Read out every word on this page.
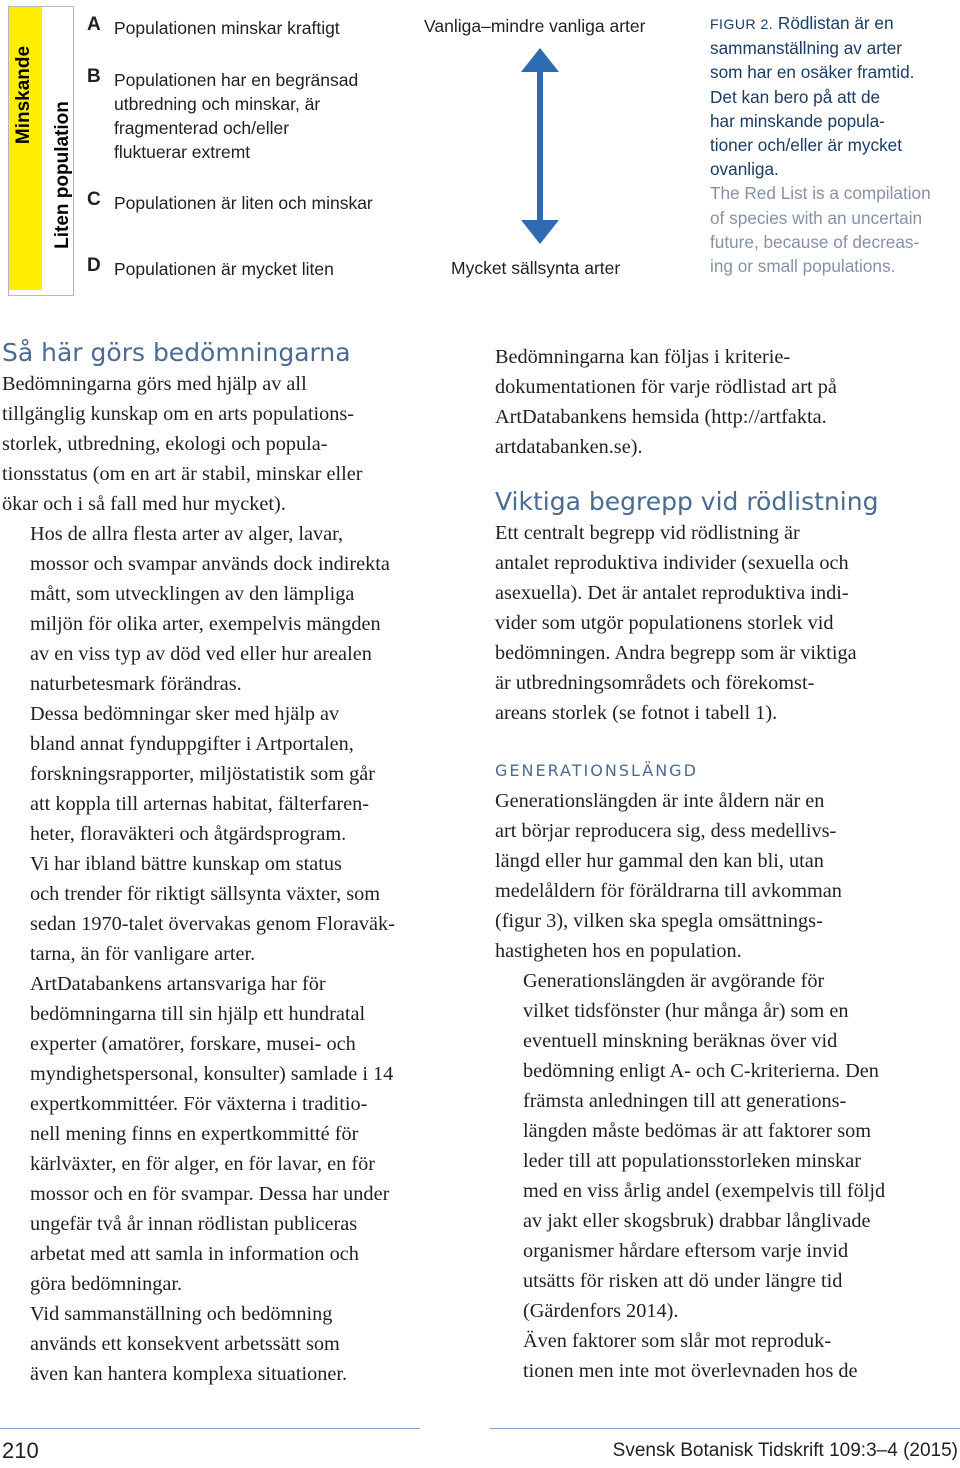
Minskande
Liten population
A Populationen minskar kraftigt
B Populationen har en begränsad
utbredning och minskar, är
fragmenterad och/eller
fluktuerar extremt
C Populationen är liten och minskar
D Populationen är mycket liten
Vanliga–mindre vanliga arter
Mycket sällsynta arter
FIGUR 2. Rödlistan är en
sammanställning av arter
som har en osäker framtid.
Det kan bero på att de
har minskande popula-
tioner och/eller är mycket
ovanliga.
The Red List is a compilation
of species with an uncertain
future, because of decreas-
ing or small populations.
Så här görs bedömningarna

Bedömningarna görs med hjälp av all
tillgänglig kunskap om en arts populations-
storlek, utbredning, ekologi och popula-
tionsstatus (om en art är stabil, minskar eller
ökar och i så fall med hur mycket).

Hos de allra flesta arter av alger, lavar,
mossor och svampar används dock indirekta
mått, som utvecklingen av den lämpliga
miljön för olika arter, exempelvis mängden
av en viss typ av död ved eller hur arealen
naturbetesmark förändras.

Dessa bedömningar sker med hjälp av
bland annat fynduppgifter i Artportalen,
forskningsrapporter, miljöstatistik som går
att koppla till arternas habitat, fälterfaren-
heter, floraväkteri och åtgärdsprogram.

Vi har ibland bättre kunskap om status
och trender för riktigt sällsynta växter, som
sedan 1970-talet övervakas genom Floraväk-
tarna, än för vanligare arter.

ArtDatabankens artansvariga har för
bedömningarna till sin hjälp ett hundratal
experter (amatörer, forskare, musei- och
myndighetspersonal, konsulter) samlade i 14
expertkommittéer. För växterna i traditio-
nell mening finns en expertkommitté för
kärlväxter, en för alger, en för lavar, en för
mossor och en för svampar. Dessa har under
ungefär två år innan rödlistan publiceras
arbetat med att samla in information och
göra bedömningar.

Vid sammanställning och bedömning
används ett konsekvent arbetssätt som
även kan hantera komplexa situationer.

Bedömningarna kan följas i kriterie-
dokumentationen för varje rödlistad art på
ArtDatabankens hemsida (http://artfakta.
artdatabanken.se).

Viktiga begrepp vid rödlistning

Ett centralt begrepp vid rödlistning är
antalet reproduktiva individer (sexuella och
asexuella). Det är antalet reproduktiva indi-
vider som utgör populationens storlek vid
bedömningen. Andra begrepp som är viktiga
är utbredningsområdets och förekomst-
areans storlek (se fotnot i tabell 1).

GENERATIONSLÄNGD

Generationslängden är inte åldern när en
art börjar reproducera sig, dess medellivs-
längd eller hur gammal den kan bli, utan
medelåldern för föräldrarna till avkomman
(figur 3), vilken ska spegla omsättnings-
hastigheten hos en population.

Generationslängden är avgörande för
vilket tidsfönster (hur många år) som en
eventuell minskning beräknas över vid
bedömning enligt A- och C-kriterierna. Den
främsta anledningen till att generations-
längden måste bedömas är att faktorer som
leder till att populationsstorleken minskar
med en viss årlig andel (exempelvis till följd
av jakt eller skogsbruk) drabbar långlivade
organismer hårdare eftersom varje invid
utsätts för risken att dö under längre tid
(Gärdenfors 2014).

Även faktorer som slår mot reproduk-
tionen men inte mot överlevnaden hos de

210	Svensk Botanisk Tidskrift 109:3–4 (2015)
